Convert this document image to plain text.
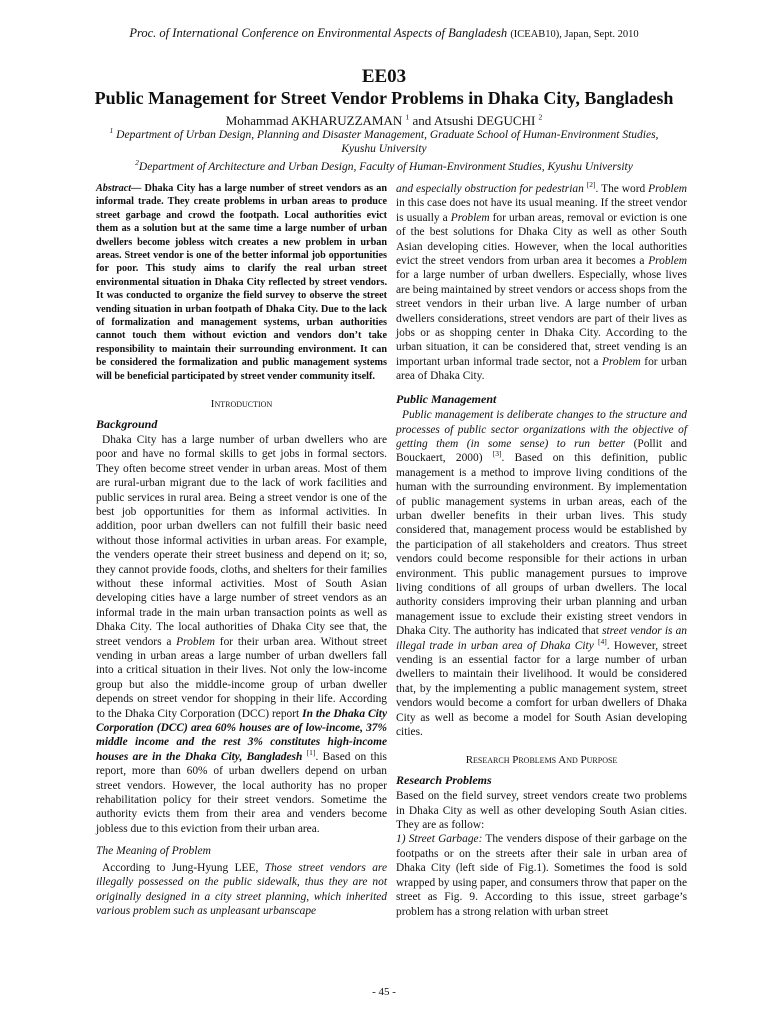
Proc. of International Conference on Environmental Aspects of Bangladesh (ICEAB10), Japan, Sept. 2010
EE03
Public Management for Street Vendor Problems in Dhaka City, Bangladesh
Mohammad AKHARUZZAMAN $^1$ and Atsushi DEGUCHI $^2$
$^1$ Department of Urban Design, Planning and Disaster Management, Graduate School of Human-Environment Studies, Kyushu University
$^2$Department of Architecture and Urban Design, Faculty of Human-Environment Studies, Kyushu University

Abstract— Dhaka City has a large number of street vendors as an informal trade. They create problems in urban areas to produce street garbage and crowd the footpath. Local authorities evict them as a solution but at the same time a large number of urban dwellers become jobless witch creates a new problem in urban areas. Street vendor is one of the better informal job opportunities for poor. This study aims to clarify the real urban street environmental situation in Dhaka City reflected by street vendors. It was conducted to organize the field survey to observe the street vending situation in urban footpath of Dhaka City. Due to the lack of formalization and management systems, urban authorities cannot touch them without eviction and vendors don’t take responsibility to maintain their surrounding environment. It can be considered the formalization and public management systems will be beneficial participated by street vender community itself.

Introduction
Background

Dhaka City has a large number of urban dwellers who are poor and have no formal skills to get jobs in formal sectors. They often become street vender in urban areas. Most of them are rural-urban migrant due to the lack of work facilities and public services in rural area. Being a street vendor is one of the best job opportunities for them as informal activities. In addition, poor urban dwellers can not fulfill their basic need without those informal activities in urban areas. For example, the venders operate their street business and depend on it; so, they cannot provide foods, cloths, and shelters for their families without these informal activities. Most of South Asian developing cities have a large number of street vendors as an informal trade in the main urban transaction points as well as Dhaka City. The local authorities of Dhaka City see that, the street vendors a Problem for their urban area. Without street vending in urban areas a large number of urban dwellers fall into a critical situation in their lives. Not only the low-income group but also the middle-income group of urban dweller depends on street vendor for shopping in their life. According to the Dhaka City Corporation (DCC) report In the Dhaka City Corporation (DCC) area 60% houses are of low-income, 37% middle income and the rest 3% constitutes high-income houses are in the Dhaka City, Bangladesh [1]. Based on this report, more than 60% of urban dwellers depend on urban street vendors. However, the local authority has no proper rehabilitation policy for their street vendors. Sometime the authority evicts them from their area and venders become jobless due to this eviction from their urban area.

The Meaning of Problem

According to Jung-Hyung LEE, Those street vendors are illegally possessed on the public sidewalk, thus they are not originally designed in a city street planning, which inherited various problem such as unpleasant urbanscape

and especially obstruction for pedestrian [2]. The word Problem in this case does not have its usual meaning. If the street vendor is usually a Problem for urban areas, removal or eviction is one of the best solutions for Dhaka City as well as other South Asian developing cities. However, when the local authorities evict the street vendors from urban area it becomes a Problem for a large number of urban dwellers. Especially, whose lives are being maintained by street vendors or access shops from the street vendors in their urban live. A large number of urban dwellers considerations, street vendors are part of their lives as jobs or as shopping center in Dhaka City. According to the urban situation, it can be considered that, street vending is an important urban informal trade sector, not a Problem for urban area of Dhaka City.

Public Management

Public management is deliberate changes to the structure and processes of public sector organizations with the objective of getting them (in some sense) to run better (Pollit and Bouckaert, 2000) [3]. Based on this definition, public management is a method to improve living conditions of the human with the surrounding environment. By implementation of public management systems in urban areas, each of the urban dweller benefits in their urban lives. This study considered that, management process would be established by the participation of all stakeholders and creators. Thus street vendors could become responsible for their actions in urban environment. This public management pursues to improve living conditions of all groups of urban dwellers. The local authority considers improving their urban planning and urban management issue to exclude their existing street vendors in Dhaka City. The authority has indicated that street vendor is an illegal trade in urban area of Dhaka City [4]. However, street vending is an essential factor for a large number of urban dwellers to maintain their livelihood. It would be considered that, by the implementing a public management system, street vendors would become a comfort for urban dwellers of Dhaka City as well as become a model for South Asian developing cities.

Research Problems And Purpose
Research Problems

Based on the field survey, street vendors create two problems in Dhaka City as well as other developing South Asian cities. They are as follow:

1) Street Garbage: The venders dispose of their garbage on the footpaths or on the streets after their sale in urban area of Dhaka City (left side of Fig.1). Sometimes the food is sold wrapped by using paper, and consumers throw that paper on the street as Fig. 9. According to this issue, street garbage’s problem has a strong relation with urban street

- 45 -
